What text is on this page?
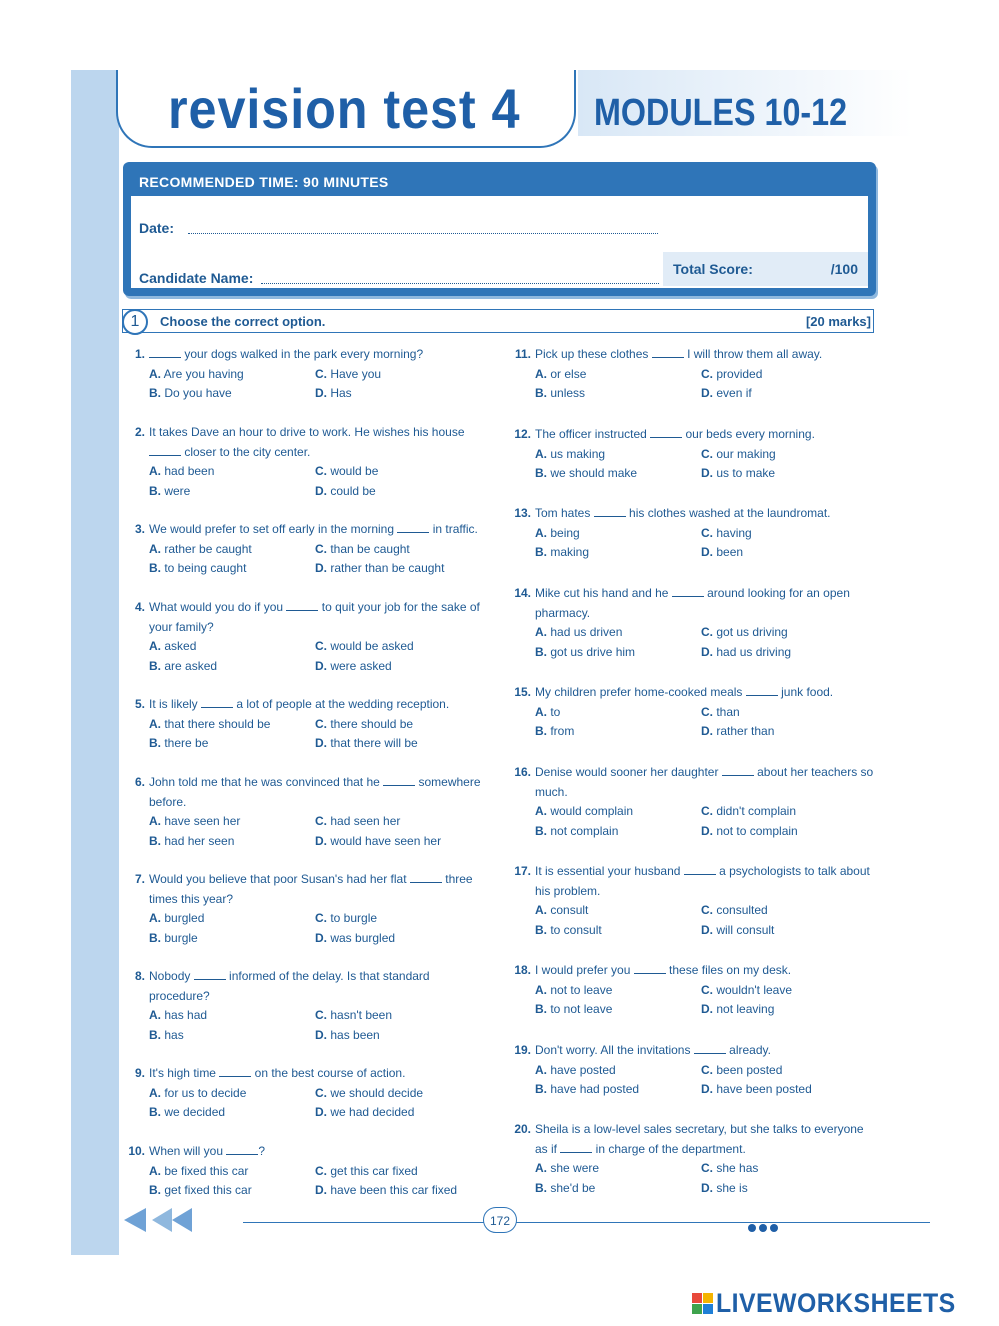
revision test 4 MODULES 10-12
RECOMMENDED TIME: 90 MINUTES
Date:
Candidate Name:
Total Score:	/100
1	Choose the correct option.	[20 marks]
1.	your dogs walked in the park every morning?
A. Are you having	C. Have you
B. Do you have	D. Has
2. It takes Dave an hour to drive to work. He wishes his house  closer to the city center.
A. had been	C. would be
B. were	D. could be
3. We would prefer to set off early in the morning	in traffic.
A. rather be caught	C. than be caught
B. to being caught	D. rather than be caught
4. What would you do if you	to quit your job for the sake of your family?
A. asked	C. would be asked
B. are asked	D. were asked
5. It is likely	a lot of people at the wedding reception.
A. that there should be	C. there should be
B. there be	D. that there will be
6. John told me that he was convinced that he	somewhere before.
A. have seen her	C. had seen her
B. had her seen	D. would have seen her
7. Would you believe that poor Susan's had her flat	three times this year?
A. burgled	C. to burgle
B. burgle	D. was burgled
8. Nobody	informed of the delay. Is that standard procedure?
A. has had	C. hasn't been
B. has	D. has been
9. It's high time	on the best course of action.
A. for us to decide	C. we should decide
B. we decided	D. we had decided
10. When will you	?
A. be fixed this car	C. get this car fixed
B. get fixed this car	D. have been this car fixed
11. Pick up these clothes	I will throw them all away.
A. or else	C. provided
B. unless	D. even if
12. The officer instructed	our beds every morning.
A. us making	C. our making
B. we should make	D. us to make
13. Tom hates	his clothes washed at the laundromat.
A. being	C. having
B. making	D. been
14. Mike cut his hand and he	around looking for an open pharmacy.
A. had us driven	C. got us driving
B. got us drive him	D. had us driving
15. My children prefer home-cooked meals	junk food.
A. to	C. than
B. from	D. rather than
16. Denise would sooner her daughter	about her teachers so much.
A. would complain	C. didn't complain
B. not complain	D. not to complain
17. It is essential your husband	a psychologists to talk about his problem.
A. consult	C. consulted
B. to consult	D. will consult
18. I would prefer you	these files on my desk.
A. not to leave	C. wouldn't leave
B. to not leave	D. not leaving
19. Don't worry. All the invitations	already.
A. have posted	C. been posted
B. have had posted	D. have been posted
20. Sheila is a low-level sales secretary, but she talks to everyone as if	in charge of the department.
A. she were	C. she has
B. she'd be	D. she is
172
LIVEWORKSHEETS
